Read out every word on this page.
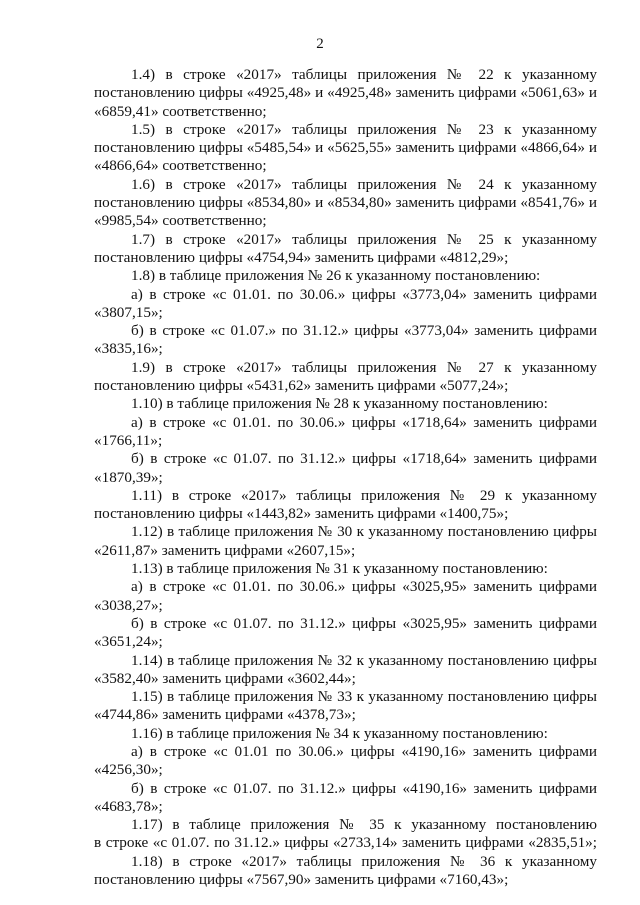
2
1.4) в строке «2017» таблицы приложения № 22 к указанному
постановлению цифры «4925,48» и «4925,48» заменить цифрами «5061,63» и
«6859,41» соответственно;
1.5) в строке «2017» таблицы приложения № 23 к указанному
постановлению цифры «5485,54» и «5625,55» заменить цифрами «4866,64» и
«4866,64» соответственно;
1.6) в строке «2017» таблицы приложения № 24 к указанному
постановлению цифры «8534,80» и «8534,80» заменить цифрами «8541,76» и
«9985,54» соответственно;
1.7) в строке «2017» таблицы приложения № 25 к указанному
постановлению цифры «4754,94» заменить цифрами «4812,29»;
1.8) в таблице приложения № 26 к указанному постановлению:
а) в строке «с 01.01. по 30.06.» цифры «3773,04» заменить цифрами
«3807,15»;
б) в строке «с 01.07.» по 31.12.» цифры «3773,04» заменить цифрами
«3835,16»;
1.9) в строке «2017» таблицы приложения № 27 к указанному
постановлению цифры «5431,62» заменить цифрами «5077,24»;
1.10) в таблице приложения № 28 к указанному постановлению:
а) в строке «с 01.01. по 30.06.» цифры «1718,64» заменить цифрами
«1766,11»;
б) в строке «с 01.07. по 31.12.» цифры «1718,64» заменить цифрами
«1870,39»;
1.11) в строке «2017» таблицы приложения № 29 к указанному
постановлению цифры «1443,82» заменить цифрами «1400,75»;
1.12) в таблице приложения № 30 к указанному постановлению цифры
«2611,87» заменить цифрами «2607,15»;
1.13) в таблице приложения № 31 к указанному постановлению:
а) в строке «с 01.01. по 30.06.» цифры «3025,95» заменить цифрами
«3038,27»;
б) в строке «с 01.07. по 31.12.» цифры «3025,95» заменить цифрами
«3651,24»;
1.14) в таблице приложения № 32 к указанному постановлению цифры
«3582,40» заменить цифрами «3602,44»;
1.15) в таблице приложения № 33 к указанному постановлению цифры
«4744,86» заменить цифрами «4378,73»;
1.16) в таблице приложения № 34 к указанному постановлению:
а) в строке «с 01.01 по 30.06.» цифры «4190,16» заменить цифрами
«4256,30»;
б) в строке «с 01.07. по 31.12.» цифры «4190,16» заменить цифрами
«4683,78»;
1.17) в таблице приложения № 35 к указанному постановлению
в строке «с 01.07. по 31.12.» цифры «2733,14» заменить цифрами «2835,51»;
1.18) в строке «2017» таблицы приложения № 36 к указанному
постановлению цифры «7567,90» заменить цифрами «7160,43»;
